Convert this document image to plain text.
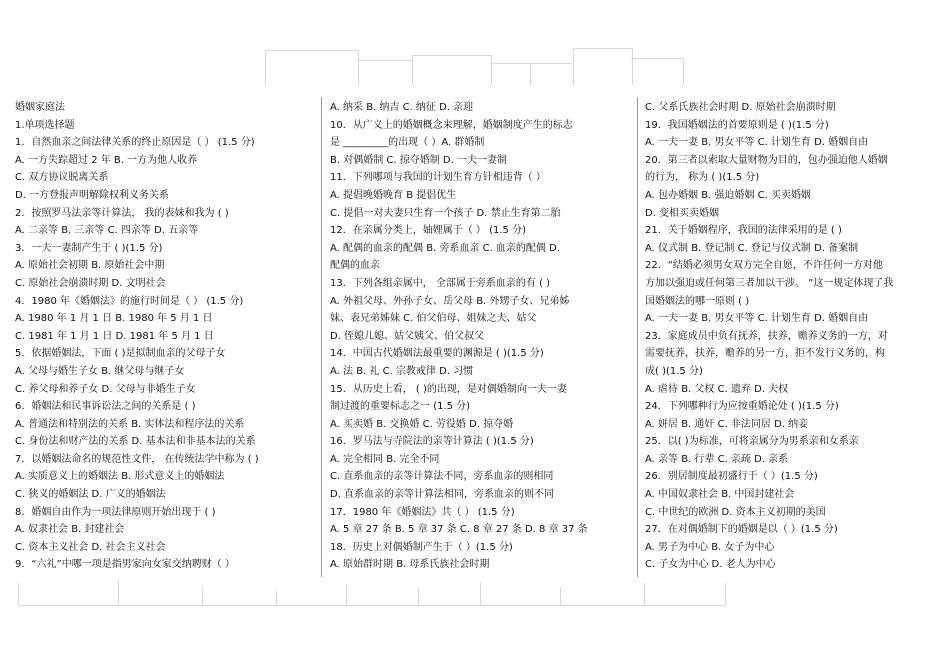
婚姻家庭法
1.单项选择题
1．自然血亲之间法律关系的终止原因是（ ） (1.5 分)
A. 一方失踪超过 2 年 B. 一方为他人收养
C. 双方协议脱离关系
D. 一方登报声明解除权利义务关系
2．按照罗马法亲等计算法， 我的表妹和我为 ( )
A. 二亲等 B. 三亲等 C. 四亲等 D. 五亲等
3．一夫一妻制产生于 ( )(1.5 分)
A. 原始社会初期 B. 原始社会中期
C. 原始社会崩溃时期 D. 文明社会
4．1980 年《婚姻法》的施行时间是（ ） (1.5 分)
A. 1980 年 1 月 1 日 B. 1980 年 5 月 1 日
C. 1981 年 1 月 1 日 D. 1981 年 5 月 1 日
5．依据婚姻法，下面 ( )是拟制血亲的父母子女
A. 父母与婚生子女 B. 继父母与继子女
C. 养父母和养子女 D. 父母与非婚生子女
6．婚姻法和民事诉讼法之间的关系是 ( )
A. 普通法和特别法的关系 B. 实体法和程序法的关系
C. 身份法和财产法的关系 D. 基本法和非基本法的关系
7．以婚姻法命名的规范性文件， 在传统法学中称为 ( )
A. 实质意义上的婚姻法 B. 形式意义上的婚姻法
C. 狭义的婚姻法 D. 广义的婚姻法
8．婚姻自由作为一项法律原则开始出现于 ( )
A. 奴隶社会 B. 封建社会
C. 资本主义社会 D. 社会主义社会
9．“六礼”中哪一项是指男家向女家交纳聘财（ ）
A. 纳采 B. 纳吉 C. 纳征 D. 亲迎
10．从广义上的婚姻概念来理解，婚姻制度产生的标志
是 _________的出现（ ）A. 群婚制
B. 对偶婚制 C. 掠夺婚制 D. 一夫一妻制
11．下列哪项与我国的计划生育方针相违背（ ）
A. 提倡晚婚晚育 B 提倡优生
C. 提倡一对夫妻只生育一个孩子 D. 禁止生育第二胎
12．在亲属分类上，妯娌属于（ ） (1.5 分)
A. 配偶的血亲的配偶 B. 旁系血亲 C. 血亲的配偶 D.
配偶的血亲
13．下列各组亲属中， 全部属于旁系血亲的有 ( )
A. 外祖父母、外孙子女、岳父母 B. 外甥子女、兄弟姊
妹、表兄弟姊妹 C. 伯父伯母、姐妹之夫、姑父
D. 侄媳儿媳、姑父姨父、伯父叔父
14．中国古代婚姻法最重要的渊源是 ( )(1.5 分)
A. 法 B. 礼 C. 宗教戒律 D. 习惯
15．从历史上看， ( )的出现，是对偶婚制向一夫一妻
制过渡的重要标志之一 (1.5 分)
A. 买卖婚 B. 交换婚 C. 劳役婚 D. 掠夺婚
16．罗马法与寺院法的亲等计算法 ( )(1.5 分)
A. 完全相同 B. 完全不同
C. 直系血亲的亲等计算法不同，旁系血亲的则相同
D. 直系血亲的亲等计算法相同，旁系血亲的则不同
17．1980 年《婚姻法》共（ ） (1.5 分)
A. 5 章 27 条 B. 5 章 37 条 C. 8 章 27 条 D. 8 章 37 条
18．历史上对偶婚制产生于（ ）(1.5 分)
A. 原始群时期 B. 母系氏族社会时期
C. 父系氏族社会时期 D. 原始社会崩溃时期
19．我国婚姻法的首要原则是 ( )(1.5 分)
A. 一夫一妻 B. 男女平等 C. 计划生育 D. 婚姻自由
20．第三者以索取大量财物为目的，包办强迫他人婚姻
的行为， 称为 ( )(1.5 分)
A. 包办婚姻 B. 强迫婚姻 C. 买卖婚姻
D. 变相买卖婚姻
21．关于婚姻程序，我国的法律采用的是 ( )
A. 仪式制 B. 登记制 C. 登记与仪式制 D. 备案制
22．“结婚必须男女双方完全自愿，不许任何一方对他
方加以强迫或任何第三者加以干涉。 ”这一规定体现了我
国婚姻法的哪一原则 ( )
A. 一夫一妻 B. 男女平等 C. 计划生育 D. 婚姻自由
23．家庭成员中负有抚养，扶养，赡养义务的一方，对
需要抚养，扶养，赡养的另一方，拒不发行义务的，构
成( )(1.5 分)
A. 虐待 B. 父权 C. 遗弃 D. 夫权
24．下列哪种行为应按重婚论处 ( )(1.5 分)
A. 姘居 B. 通奸 C. 非法同居 D. 纳妾
25．以( )为标准，可将亲属分为男系亲和女系亲
A. 亲等 B. 行辈 C. 亲疏 D. 亲系
26．别居制度最初盛行于（ ）(1.5 分)
A. 中国奴隶社会 B. 中国封建社会
C. 中世纪的欧洲 D. 资本主义初期的美国
27．在对偶婚制下的婚姻是以（ ）(1.5 分)
A. 男子为中心 B. 女子为中心
C. 子女为中心 D. 老人为中心
